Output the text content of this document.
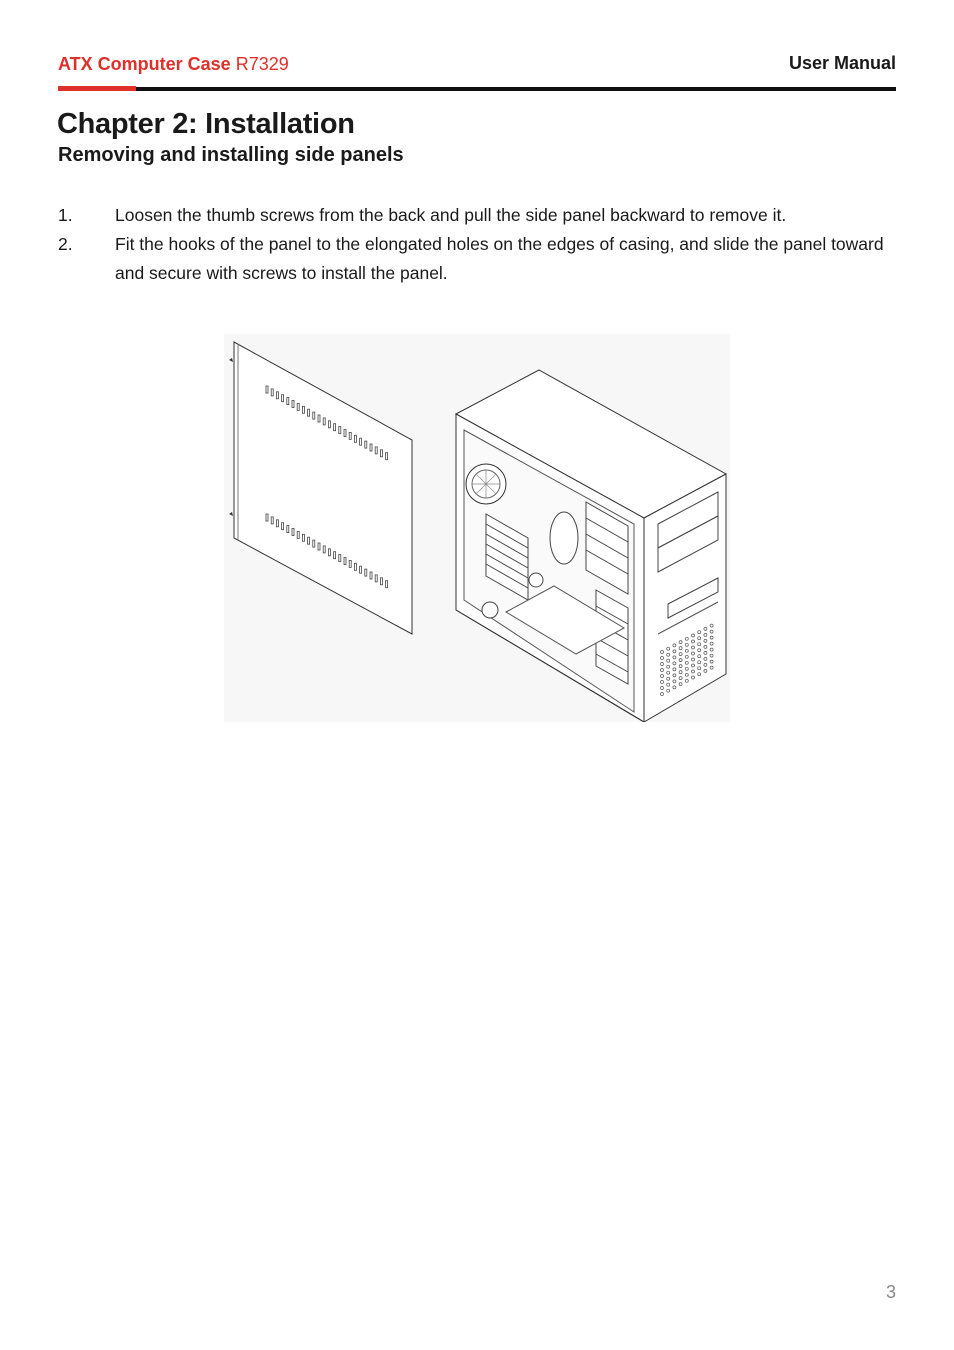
ATX Computer Case R7329	User Manual
Chapter 2: Installation
Removing and installing side panels
1. Loosen the thumb screws from the back and pull the side panel backward to remove it.
2. Fit the hooks of the panel to the elongated holes on the edges of casing, and slide the panel toward and secure with screws to install the panel.
3
